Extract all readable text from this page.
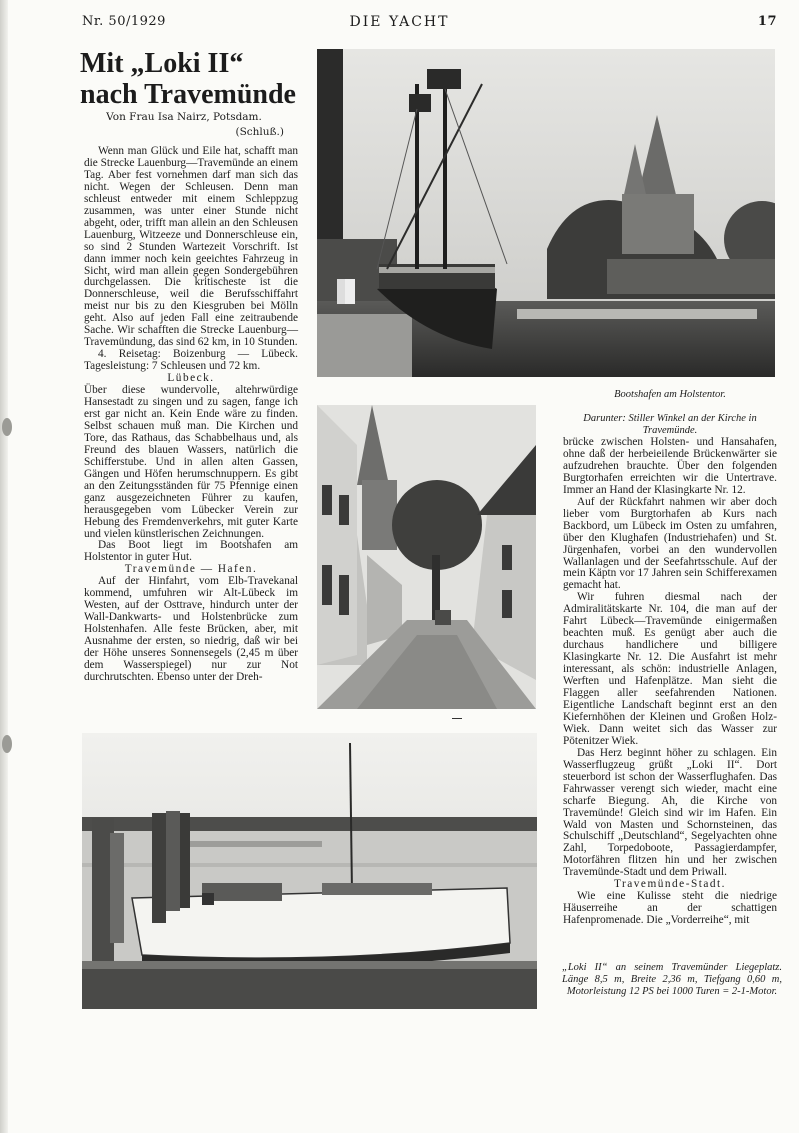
Nr. 50/1929	DIE YACHT	17
Mit „Loki II“
nach Travemünde
Von Frau Isa Nairz, Potsdam.
(Schluß.)

Wenn man Glück und Eile hat, schafft man die Strecke Lauenburg—Travemünde an einem Tag. Aber fest vornehmen darf man sich das nicht. Wegen der Schleusen. Denn man schleust entweder mit einem Schleppzug zusammen, was unter einer Stunde nicht abgeht, oder, trifft man allein an den Schleusen Lauenburg, Witzeeze und Donnerschleuse ein, so sind 2 Stunden Wartezeit Vorschrift. Ist dann immer noch kein geeichtes Fahrzeug in Sicht, wird man allein gegen Sondergebühren durchgelassen. Die kritischeste ist die Donnerschleuse, weil die Berufsschiffahrt meist nur bis zu den Kiesgruben bei Mölln geht. Also auf jeden Fall eine zeitraubende Sache. Wir schafften die Strecke Lauenburg—Travemündung, das sind 62 km, in 10 Stunden.

4. Reisetag: Boizenburg — Lübeck. Tagesleistung: 7 Schleusen und 72 km.

Lübeck.

Über diese wundervolle, altehrwürdige Hansestadt zu singen und zu sagen, fange ich erst gar nicht an. Kein Ende wäre zu finden. Selbst schauen muß man. Die Kirchen und Tore, das Rathaus, das Schabbelhaus und, als Freund des blauen Wassers, natürlich die Schifferstube. Und in allen alten Gassen, Gängen und Höfen herumschnuppern. Es gibt an den Zeitungsständen für 75 Pfennige einen ganz ausgezeichneten Führer zu kaufen, herausgegeben vom Lübecker Verein zur Hebung des Fremdenverkehrs, mit guter Karte und vielen künstlerischen Zeichnungen.

Das Boot liegt im Bootshafen am Holstentor in guter Hut.

Travemünde — Hafen.

Auf der Hinfahrt, vom Elb-Travekanal kommend, umfuhren wir Alt-Lübeck im Westen, auf der Osttrave, hindurch unter der Wall-Dankwarts- und Holstenbrücke zum Holstenhafen. Alle feste Brücken, aber, mit Ausnahme der ersten, so niedrig, daß wir bei der Höhe unseres Sonnensegels (2,45 m über dem Wasserspiegel) nur zur Not durchrutschten. Ebenso unter der Dreh-

brücke zwischen Holsten- und Hansahafen, ohne daß der herbeieilende Brückenwärter sie aufzudrehen brauchte. Über den folgenden Burgtorhafen erreichten wir die Untertrave. Immer an Hand der Klasingkarte Nr. 12.

Auf der Rückfahrt nahmen wir aber doch lieber vom Burgtorhafen ab Kurs nach Backbord, um Lübeck im Osten zu umfahren, über den Klughafen (Industriehafen) und St. Jürgenhafen, vorbei an den wundervollen Wallanlagen und der Seefahrtsschule. Auf der mein Käptn vor 17 Jahren sein Schifferexamen gemacht hat.

Wir fuhren diesmal nach der Admiralitätskarte Nr. 104, die man auf der Fahrt Lübeck—Travemünde einigermaßen beachten muß. Es genügt aber auch die durchaus handlichere und billigere Klasingkarte Nr. 12. Die Ausfahrt ist mehr interessant, als schön: industrielle Anlagen, Werften und Hafenplätze. Man sieht die Flaggen aller seefahrenden Nationen. Eigentliche Landschaft beginnt erst an den Kiefernhöhen der Kleinen und Großen Holz-Wiek. Dann weitet sich das Wasser zur Pötenitzer Wiek.

Das Herz beginnt höher zu schlagen. Ein Wasserflugzeug grüßt „Loki II“. Dort steuerbord ist schon der Wasserflughafen. Das Fahrwasser verengt sich wieder, macht eine scharfe Biegung. Ah, die Kirche von Travemünde! Gleich sind wir im Hafen. Ein Wald von Masten und Schornsteinen, das Schulschiff „Deutschland“, Segelyachten ohne Zahl, Torpedoboote, Passagierdampfer, Motorfähren flitzen hin und her zwischen Travemünde-Stadt und dem Priwall.

Travemünde-Stadt.

Wie eine Kulisse steht die niedrige Häuserreihe an der schattigen Hafenpromenade. Die „Vorderreihe“, mit

Bootshafen am Holstentor.
Darunter: Stiller Winkel an der Kirche in Travemünde.
„Loki II“ an seinem Travemünder Liegeplatz. Länge 8,5 m, Breite 2,36 m, Tiefgang 0,60 m, Motorleistung 12 PS bei 1000 Turen = 2-1-Motor.
